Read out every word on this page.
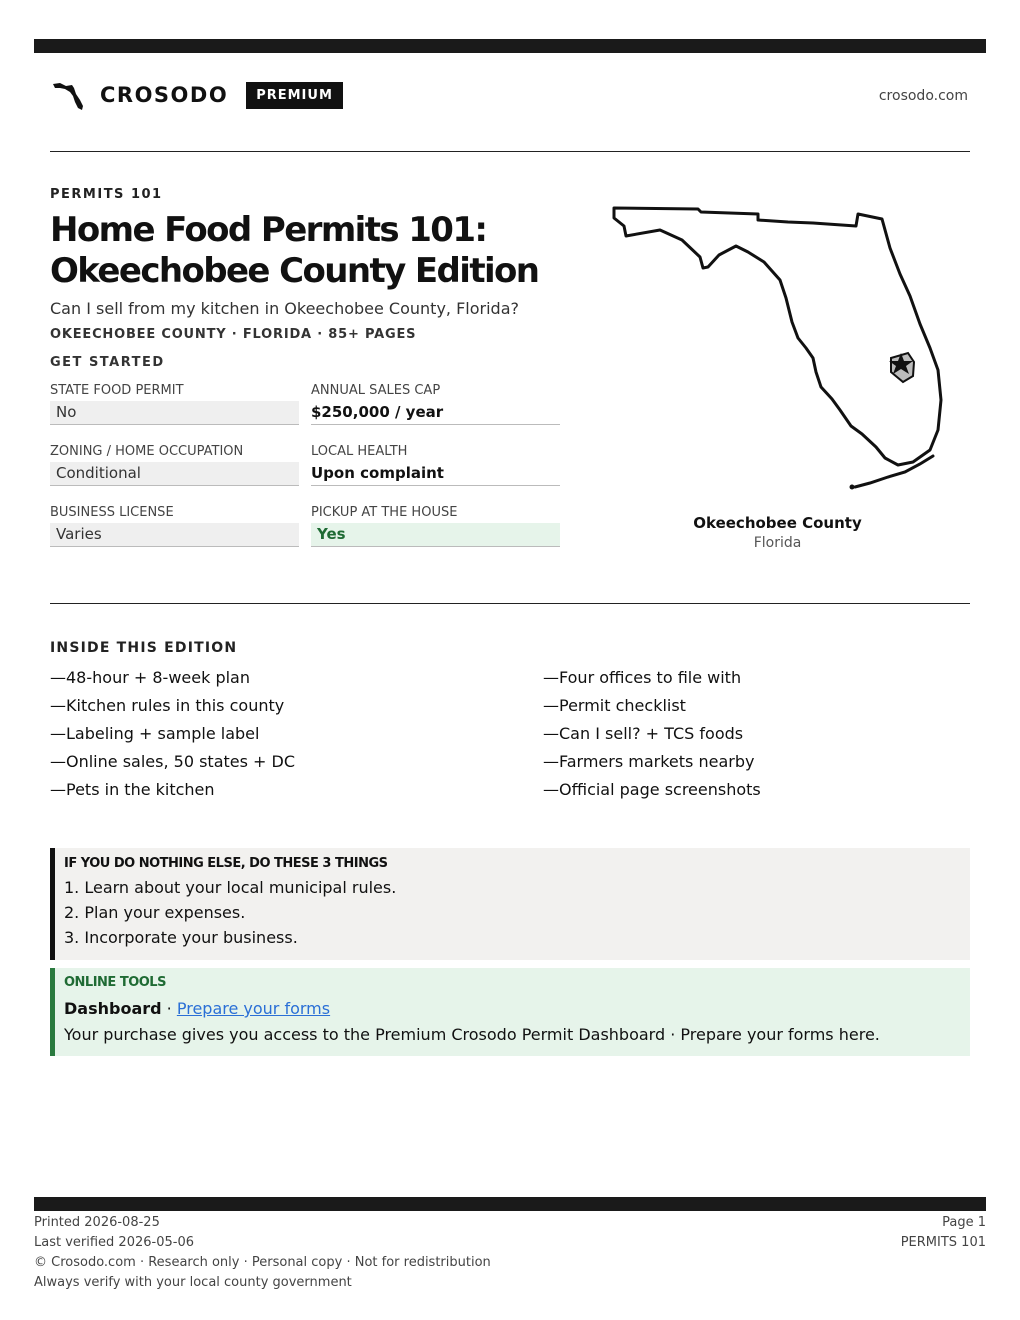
CROSODO	PREMIUM	crosodo.com
PERMITS 101
Home Food Permits 101:
Okeechobee County Edition
Can I sell from my kitchen in Okeechobee County, Florida?
OKEECHOBEE COUNTY · FLORIDA · 85+ PAGES
GET STARTED
STATE FOOD PERMIT
No
ANNUAL SALES CAP
$250,000 / year
ZONING / HOME OCCUPATION
Conditional
LOCAL HEALTH
Upon complaint
BUSINESS LICENSE
Varies
PICKUP AT THE HOUSE
Yes
Okeechobee County
Florida
INSIDE THIS EDITION
—48-hour + 8-week plan
—Kitchen rules in this county
—Labeling + sample label
—Online sales, 50 states + DC
—Pets in the kitchen
—Four offices to file with
—Permit checklist
—Can I sell? + TCS foods
—Farmers markets nearby
—Official page screenshots
IF YOU DO NOTHING ELSE, DO THESE 3 THINGS
1. Learn about your local municipal rules.
2. Plan your expenses.
3. Incorporate your business.
ONLINE TOOLS
Dashboard · Prepare your forms
Your purchase gives you access to the Premium Crosodo Permit Dashboard · Prepare your forms here.
Printed 2026-08-25
Last verified 2026-05-06
© Crosodo.com · Research only · Personal copy · Not for redistribution
Always verify with your local county government
Page 1
PERMITS 101
